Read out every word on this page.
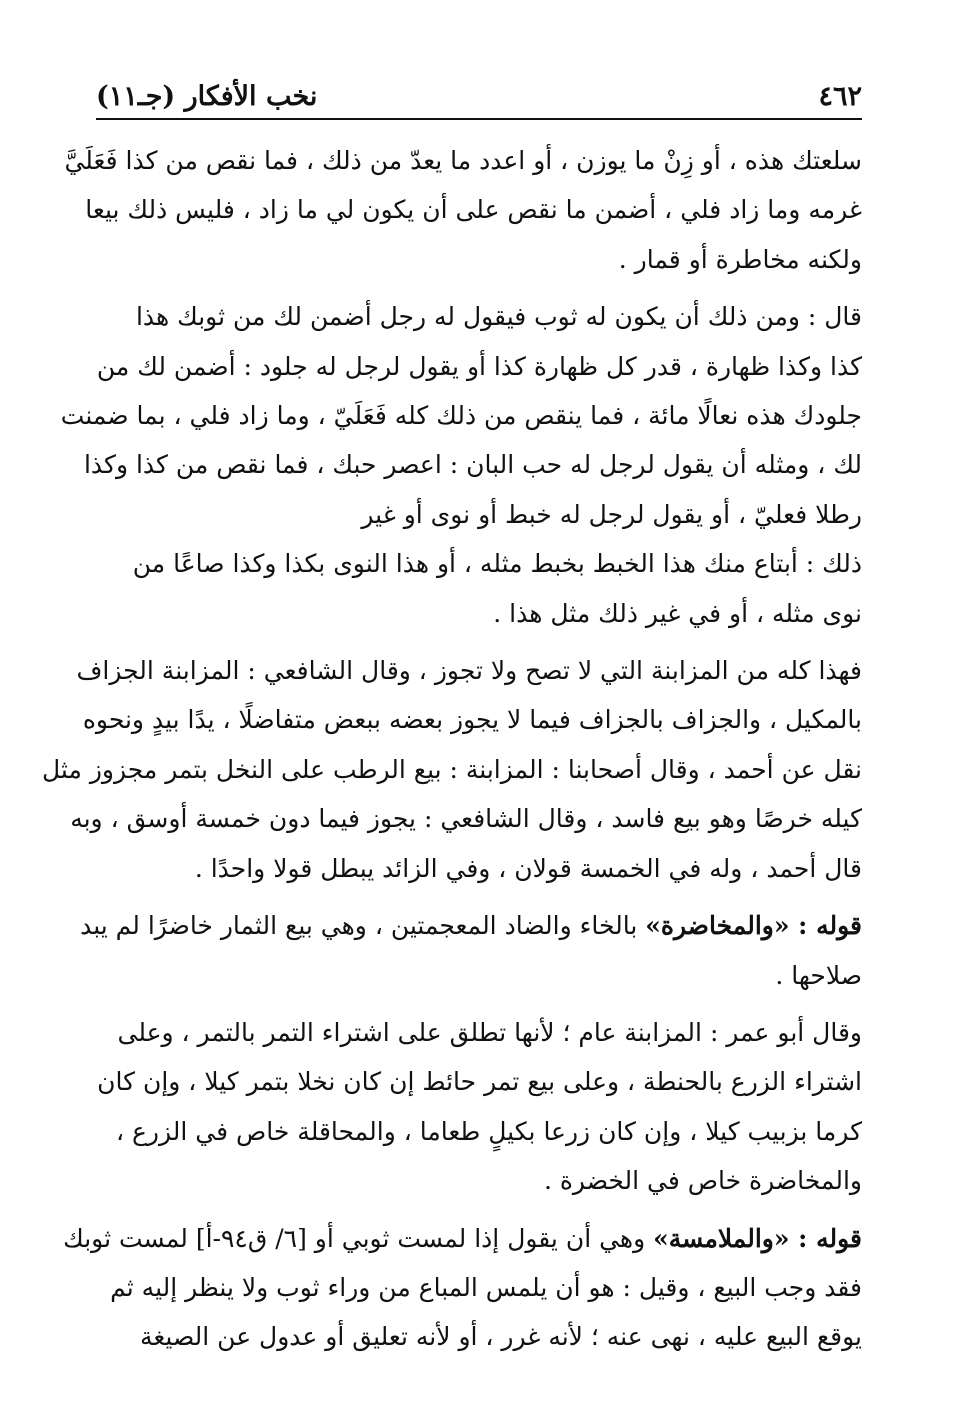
٤٦٢
نخب الأفكار (جـ١١)

سلعتك هذه ، أو زِنْ ما يوزن ، أو اعدد ما يعدّ من ذلك ، فما نقص من كذا فَعَلَيَّ
غرمه وما زاد فلي ، أضمن ما نقص على أن يكون لي ما زاد ، فليس ذلك بيعا
ولكنه مخاطرة أو قمار .

قال : ومن ذلك أن يكون له ثوب فيقول له رجل أضمن لك من ثوبك هذا
كذا وكذا ظهارة ، قدر كل ظهارة كذا أو يقول لرجل له جلود : أضمن لك من
جلودك هذه نعالًا مائة ، فما ينقص من ذلك كله فَعَلَيّ ، وما زاد فلي ، بما ضمنت
لك ، ومثله أن يقول لرجل له حب البان : اعصر حبك ، فما نقص من كذا وكذا
رطلا فعليّ ، أو يقول لرجل له خبط أو نوى أو غير
ذلك : أبتاع منك هذا الخبط بخبط مثله ، أو هذا النوى بكذا وكذا صاعًا من
نوى مثله ، أو في غير ذلك مثل هذا .

فهذا كله من المزابنة التي لا تصح ولا تجوز ، وقال الشافعي : المزابنة الجزاف
بالمكيل ، والجزاف بالجزاف فيما لا يجوز بعضه ببعض متفاضلًا ، يدًا بيدٍ ونحوه
نقل عن أحمد ، وقال أصحابنا : المزابنة : بيع الرطب على النخل بتمر مجزوز مثل
كيله خرصًا وهو بيع فاسد ، وقال الشافعي : يجوز فيما دون خمسة أوسق ، وبه
قال أحمد ، وله في الخمسة قولان ، وفي الزائد يبطل قولا واحدًا .

قوله : «والمخاضرة» بالخاء والضاد المعجمتين ، وهي بيع الثمار خاضرًا لم يبد
صلاحها .

وقال أبو عمر : المزابنة عام ؛ لأنها تطلق على اشتراء التمر بالتمر ، وعلى
اشتراء الزرع بالحنطة ، وعلى بيع تمر حائط إن كان نخلا بتمر كيلا ، وإن كان
كرما بزبيب كيلا ، وإن كان زرعا بكيلٍ طعاما ، والمحاقلة خاص في الزرع ،
والمخاضرة خاص في الخضرة .

قوله : «والملامسة» وهي أن يقول إذا لمست ثوبي أو [٦/ ق٩٤-أ] لمست ثوبك
فقد وجب البيع ، وقيل : هو أن يلمس المباع من وراء ثوب ولا ينظر إليه ثم
يوقع البيع عليه ، نهى عنه ؛ لأنه غرر ، أو لأنه تعليق أو عدول عن الصيغة
